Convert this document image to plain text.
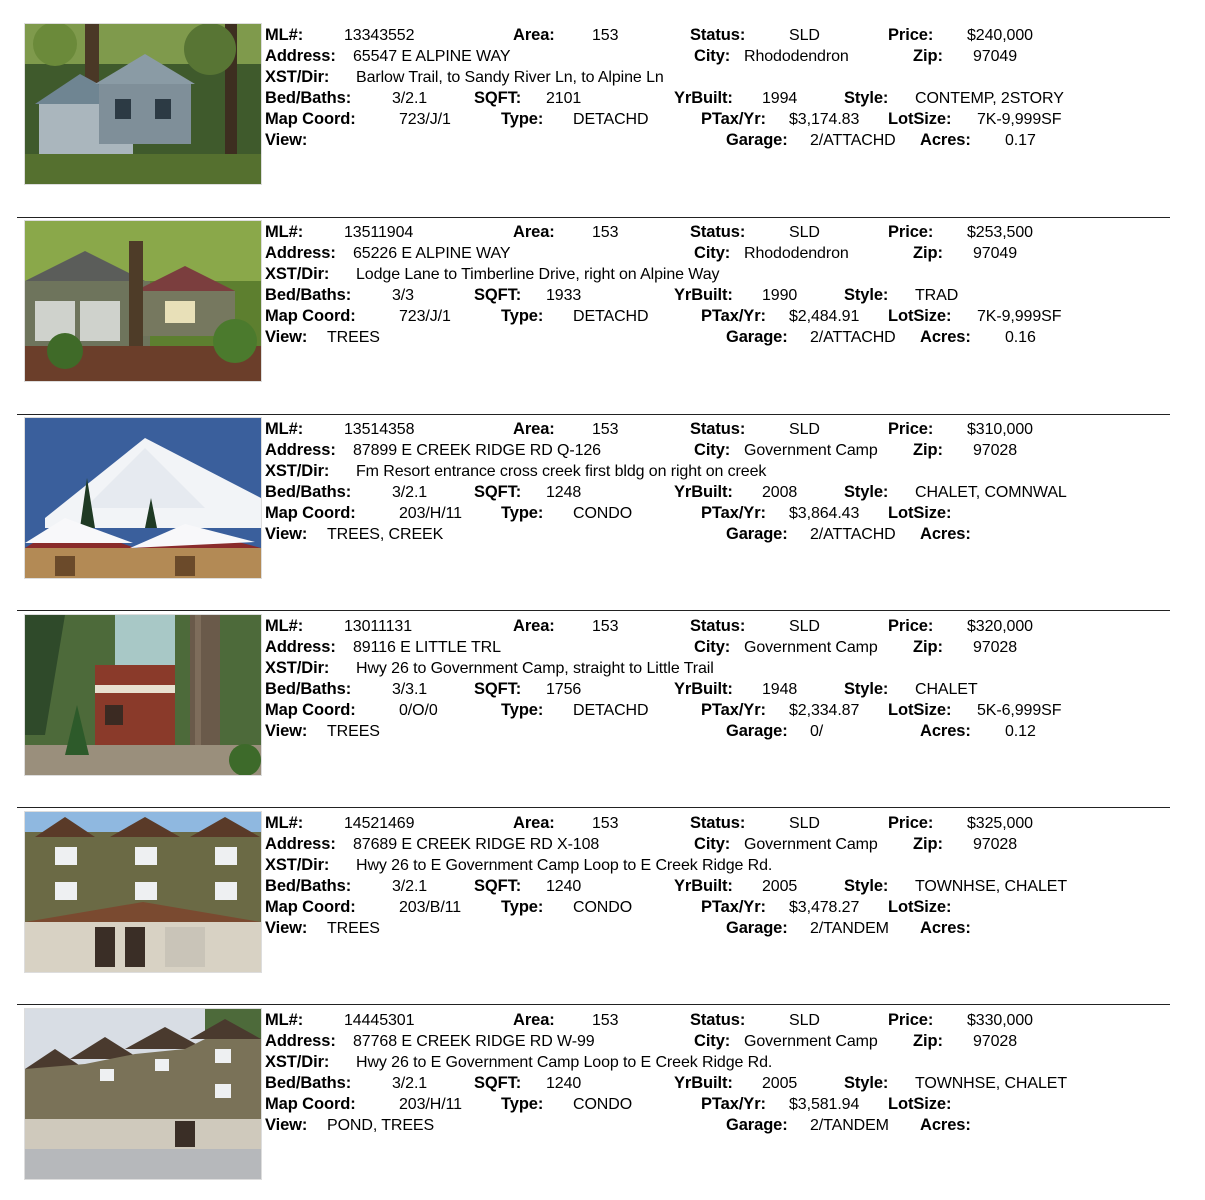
ML#:	13343552	Area: 153	Status:	SLD	Price: $240,000
Address: 65547 E ALPINE WAY	City: Rhododendron	Zip: 97049
XST/Dir: Barlow Trail, to Sandy River Ln, to Alpine Ln
Bed/Baths:	3/2.1	SQFT: 2101	YrBuilt: 1994	Style: CONTEMP, 2STORY
Map Coord:	723/J/1	Type: DETACHD	PTax/Yr: $3,174.83 LotSize: 7K-9,999SF
View:	Garage: 2/ATTACHD Acres: 0.17
ML#:	13511904	Area: 153	Status:	SLD	Price: $253,500
Address: 65226 E ALPINE WAY	City: Rhododendron	Zip: 97049
XST/Dir: Lodge Lane to Timberline Drive, right on Alpine Way
Bed/Baths:	3/3	SQFT: 1933	YrBuilt: 1990	Style: TRAD
Map Coord:	723/J/1	Type: DETACHD	PTax/Yr: $2,484.91 LotSize: 7K-9,999SF
View: TREES	Garage: 2/ATTACHD Acres: 0.16
ML#:	13514358	Area: 153	Status:	SLD	Price: $310,000
Address: 87899 E CREEK RIDGE RD Q-126	City: Government Camp Zip: 97028
XST/Dir: Fm Resort entrance cross creek first bldg on right on creek
Bed/Baths:	3/2.1	SQFT: 1248	YrBuilt: 2008	Style: CHALET, COMNWAL
Map Coord:	203/H/11 Type: CONDO	PTax/Yr: $3,864.43 LotSize:
View: TREES, CREEK	Garage: 2/ATTACHD Acres:
ML#:	13011131	Area: 153	Status:	SLD	Price: $320,000
Address: 89116 E LITTLE TRL	City: Government Camp Zip: 97028
XST/Dir: Hwy 26 to Government Camp, straight to Little Trail
Bed/Baths:	3/3.1	SQFT: 1756	YrBuilt: 1948	Style: CHALET
Map Coord:	0/O/0	Type: DETACHD	PTax/Yr: $2,334.87 LotSize: 5K-6,999SF
View: TREES	Garage: 0/	Acres: 0.12
ML#:	14521469	Area: 153	Status:	SLD	Price: $325,000
Address: 87689 E CREEK RIDGE RD X-108	City: Government Camp Zip: 97028
XST/Dir: Hwy 26 to E Government Camp Loop to E Creek Ridge Rd.
Bed/Baths:	3/2.1	SQFT: 1240	YrBuilt: 2005	Style: TOWNHSE, CHALET
Map Coord:	203/B/11 Type: CONDO	PTax/Yr: $3,478.27 LotSize:
View: TREES	Garage: 2/TANDEM Acres:
ML#:	14445301	Area: 153	Status:	SLD	Price: $330,000
Address: 87768 E CREEK RIDGE RD W-99	City: Government Camp Zip: 97028
XST/Dir: Hwy 26 to E Government Camp Loop to E Creek Ridge Rd.
Bed/Baths:	3/2.1	SQFT: 1240	YrBuilt: 2005	Style: TOWNHSE, CHALET
Map Coord:	203/H/11 Type: CONDO	PTax/Yr: $3,581.94 LotSize:
View: POND, TREES	Garage: 2/TANDEM Acres:
